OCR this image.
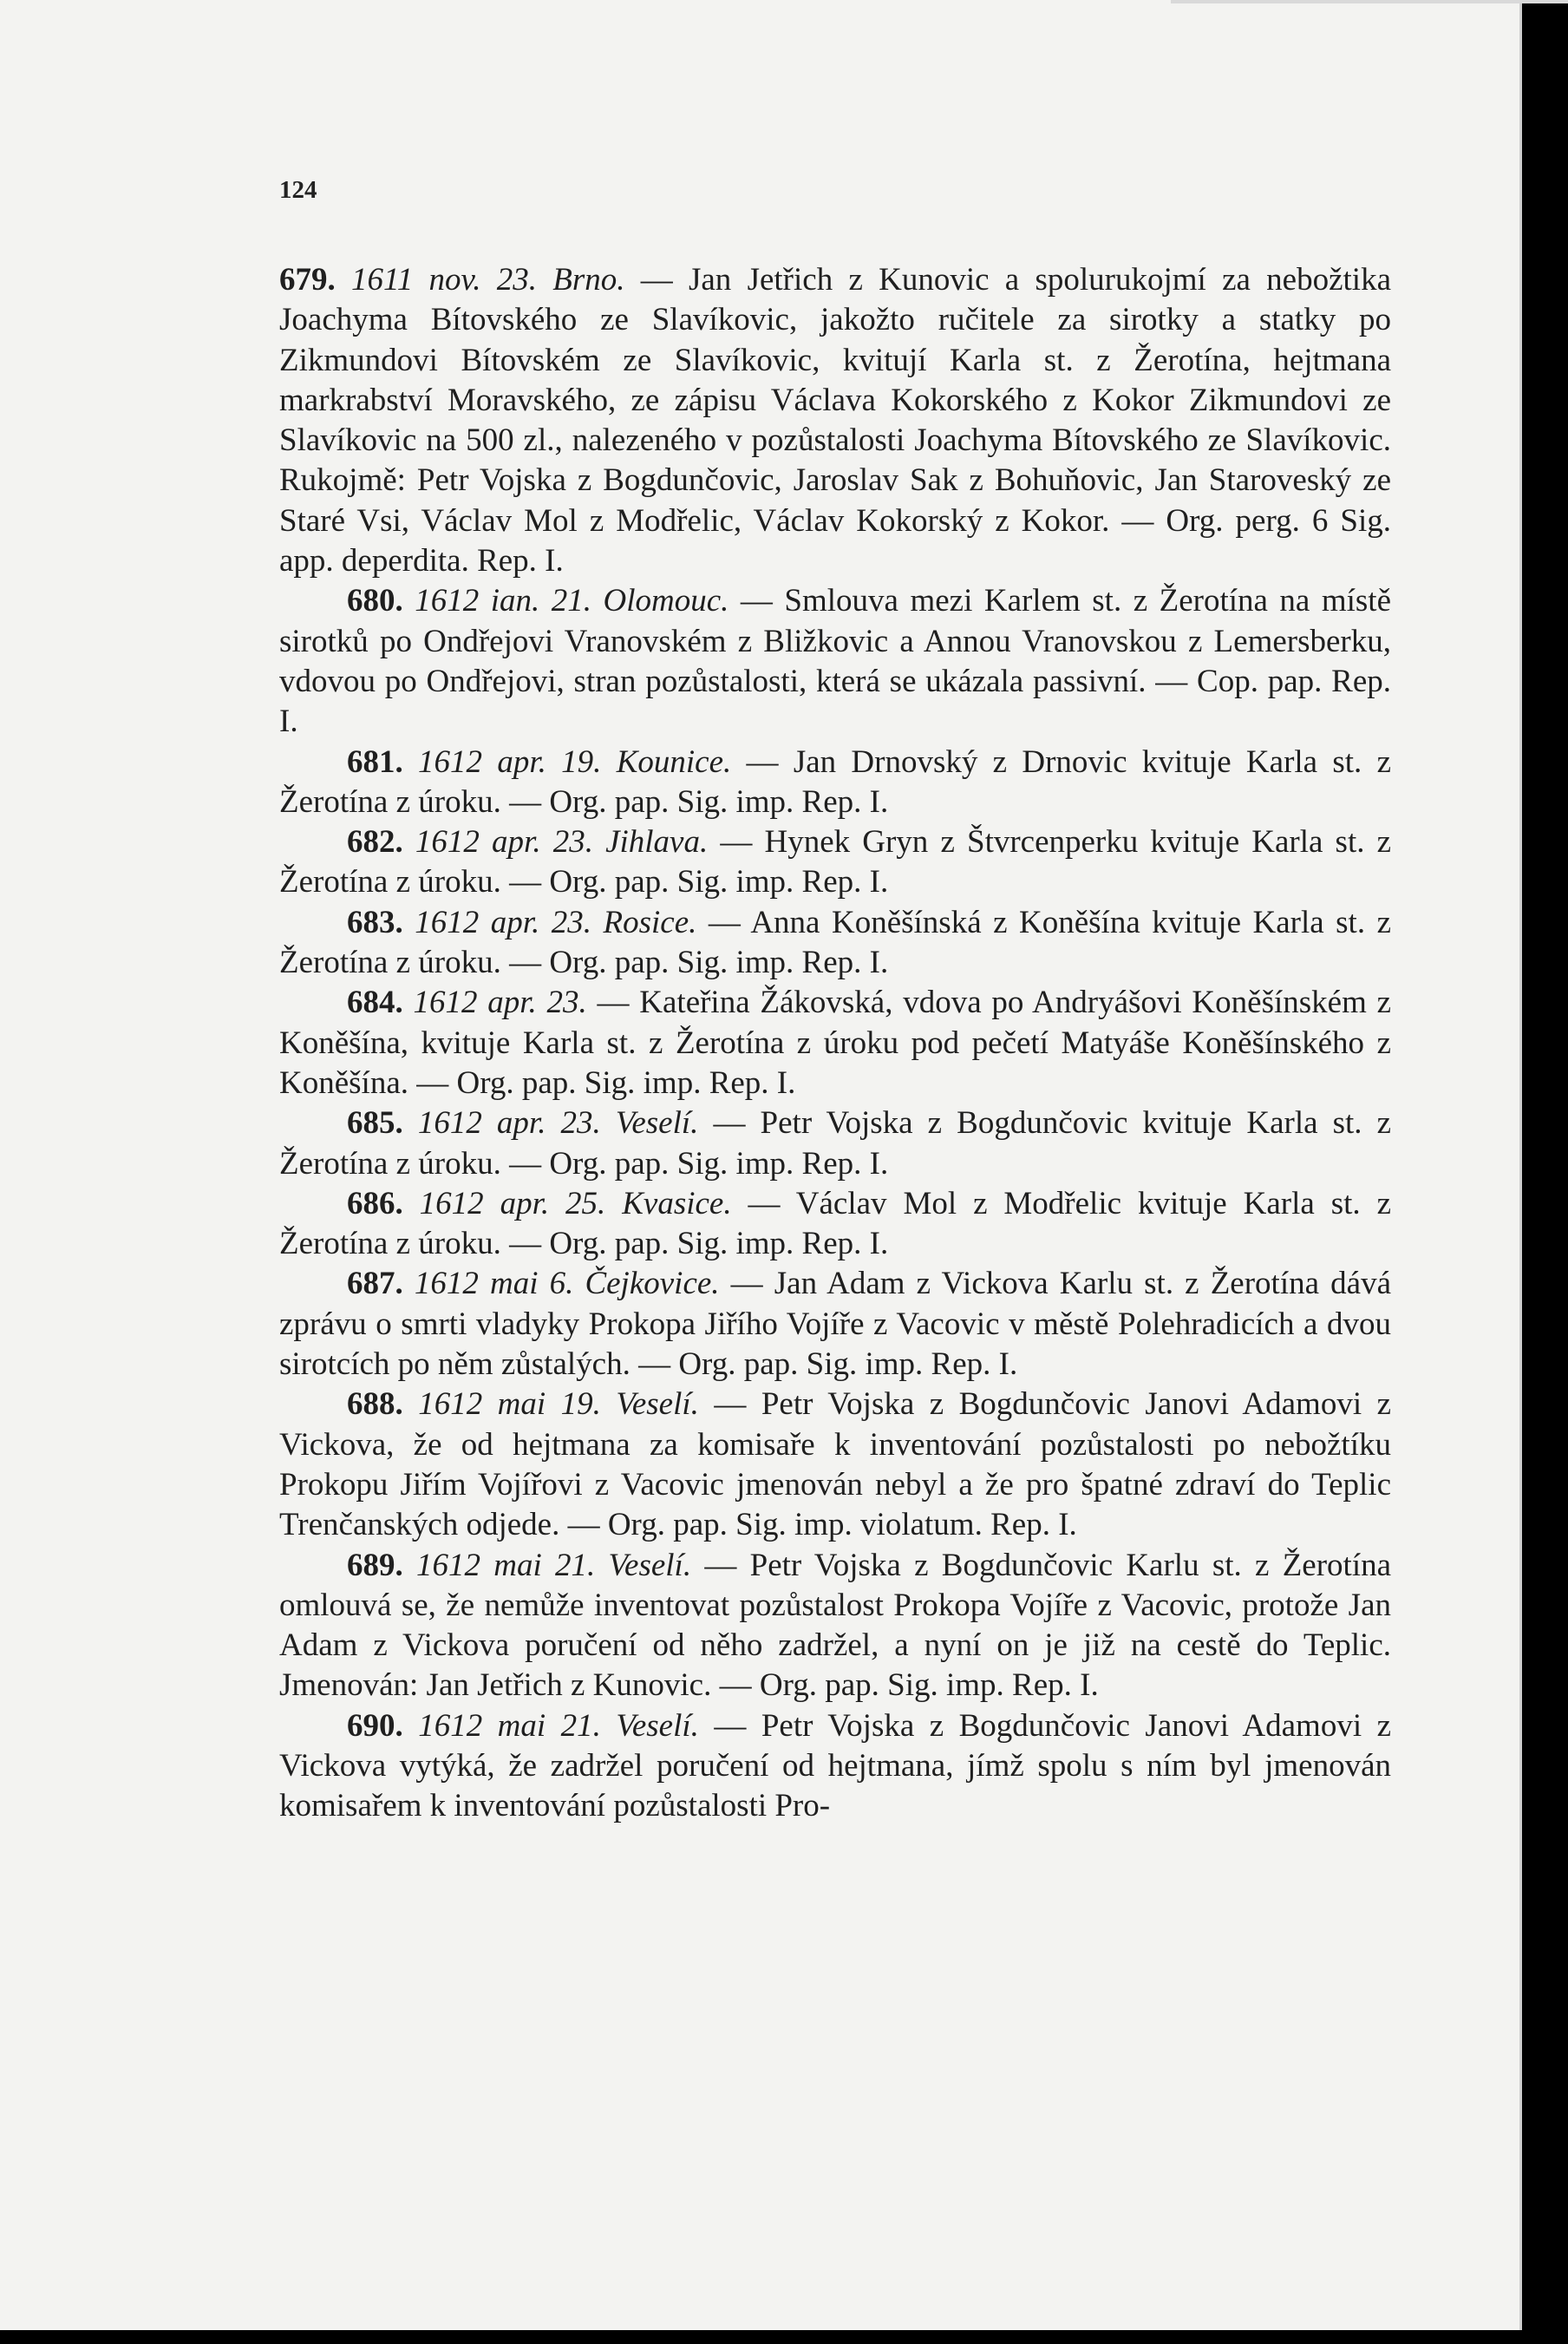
124

679. 1611 nov. 23. Brno. — Jan Jetřich z Kunovic a spolurukojmí za nebožtika Joachyma Bítovského ze Slavíkovic, jakožto ručitele za sirotky a statky po Zikmundovi Bítovském ze Slavíkovic, kvitují Karla st. z Žerotína, hejtmana markrabství Moravského, ze zápisu Václava Kokorského z Kokor Zikmundovi ze Slavíkovic na 500 zl., nalezeného v pozůstalosti Joachyma Bítovského ze Slavíkovic. Rukojmě: Petr Vojska z Bogdunčovic, Jaroslav Sak z Bohuňovic, Jan Staroveský ze Staré Vsi, Václav Mol z Modřelic, Václav Kokorský z Kokor. — Org. perg. 6 Sig. app. deperdita. Rep. I.

680. 1612 ian. 21. Olomouc. — Smlouva mezi Karlem st. z Žerotína na místě sirotků po Ondřejovi Vranovském z Bližkovic a Annou Vranovskou z Lemersberku, vdovou po Ondřejovi, stran pozůstalosti, která se ukázala passivní. — Cop. pap. Rep. I.

681. 1612 apr. 19. Kounice. — Jan Drnovský z Drnovic kvituje Karla st. z Žerotína z úroku. — Org. pap. Sig. imp. Rep. I.

682. 1612 apr. 23. Jihlava. — Hynek Gryn z Štvrcenperku kvituje Karla st. z Žerotína z úroku. — Org. pap. Sig. imp. Rep. I.

683. 1612 apr. 23. Rosice. — Anna Koněšínská z Koněšína kvituje Karla st. z Žerotína z úroku. — Org. pap. Sig. imp. Rep. I.

684. 1612 apr. 23. — Kateřina Žákovská, vdova po Andryášovi Koněšínském z Koněšína, kvituje Karla st. z Žerotína z úroku pod pečetí Matyáše Koněšínského z Koněšína. — Org. pap. Sig. imp. Rep. I.

685. 1612 apr. 23. Veselí. — Petr Vojska z Bogdunčovic kvituje Karla st. z Žerotína z úroku. — Org. pap. Sig. imp. Rep. I.

686. 1612 apr. 25. Kvasice. — Václav Mol z Modřelic kvituje Karla st. z Žerotína z úroku. — Org. pap. Sig. imp. Rep. I.

687. 1612 mai 6. Čejkovice. — Jan Adam z Vickova Karlu st. z Žerotína dává zprávu o smrti vladyky Prokopa Jiřího Vojíře z Vacovic v městě Polehradicích a dvou sirotcích po něm zůstalých. — Org. pap. Sig. imp. Rep. I.

688. 1612 mai 19. Veselí. — Petr Vojska z Bogdunčovic Janovi Adamovi z Vickova, že od hejtmana za komisaře k inventování pozůstalosti po nebožtíku Prokopu Jiřím Vojířovi z Vacovic jmenován nebyl a že pro špatné zdraví do Teplic Trenčanských odjede. — Org. pap. Sig. imp. violatum. Rep. I.

689. 1612 mai 21. Veselí. — Petr Vojska z Bogdunčovic Karlu st. z Žerotína omlouvá se, že nemůže inventovat pozůstalost Prokopa Vojíře z Vacovic, protože Jan Adam z Vickova poručení od něho zadržel, a nyní on je již na cestě do Teplic. Jmenován: Jan Jetřich z Kunovic. — Org. pap. Sig. imp. Rep. I.

690. 1612 mai 21. Veselí. — Petr Vojska z Bogdunčovic Janovi Adamovi z Vickova vytýká, že zadržel poručení od hejtmana, jímž spolu s ním byl jmenován komisařem k inventování pozůstalosti Pro-
